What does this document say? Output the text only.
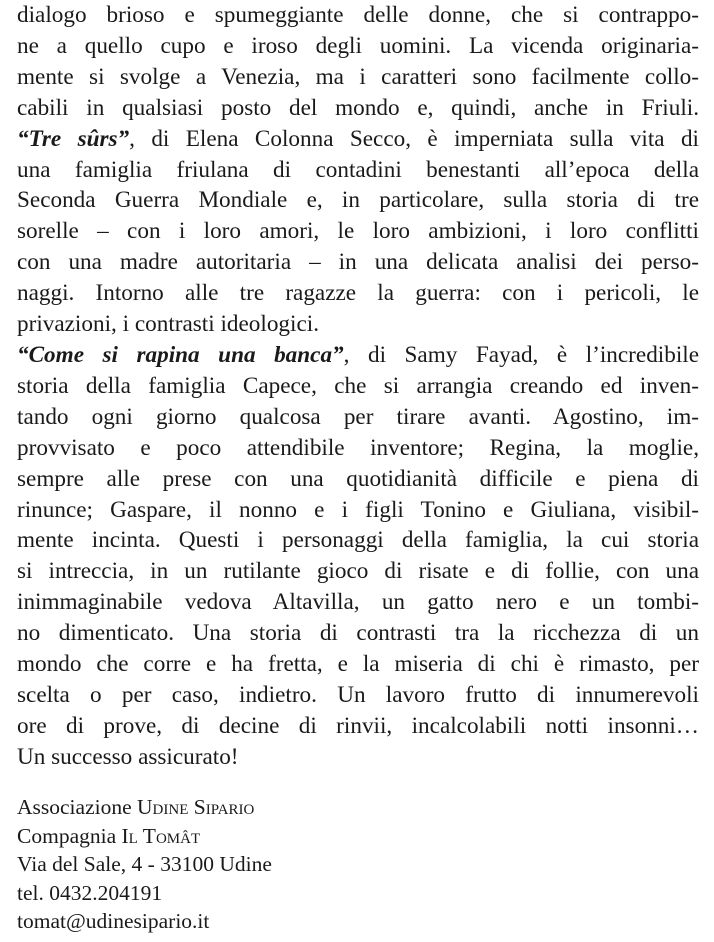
dialogo brioso e spumeggiante delle donne, che si contrappo-
ne a quello cupo e iroso degli uomini. La vicenda originaria-
mente si svolge a Venezia, ma i caratteri sono facilmente collo-
cabili in qualsiasi posto del mondo e, quindi, anche in Friuli.
“Tre sûrs”, di Elena Colonna Secco, è imperniata sulla vita di
una famiglia friulana di contadini benestanti all’epoca della
Seconda Guerra Mondiale e, in particolare, sulla storia di tre
sorelle – con i loro amori, le loro ambizioni, i loro conflitti
con una madre autoritaria – in una delicata analisi dei perso-
naggi. Intorno alle tre ragazze la guerra: con i pericoli, le
privazioni, i contrasti ideologici.
“Come si rapina una banca”, di Samy Fayad, è l’incredibile
storia della famiglia Capece, che si arrangia creando ed inven-
tando ogni giorno qualcosa per tirare avanti. Agostino, im-
provvisato e poco attendibile inventore; Regina, la moglie,
sempre alle prese con una quotidianità difficile e piena di
rinunce; Gaspare, il nonno e i figli Tonino e Giuliana, visibil-
mente incinta. Questi i personaggi della famiglia, la cui storia
si intreccia, in un rutilante gioco di risate e di follie, con una
inimmaginabile vedova Altavilla, un gatto nero e un tombi-
no dimenticato. Una storia di contrasti tra la ricchezza di un
mondo che corre e ha fretta, e la miseria di chi è rimasto, per
scelta o per caso, indietro. Un lavoro frutto di innumerevoli
ore di prove, di decine di rinvii, incalcolabili notti insonni…
Un successo assicurato!
Associazione Udine Sipario
Compagnia Il Tomât
Via del Sale, 4 - 33100 Udine
tel. 0432.204191
tomat@udinesipario.it
